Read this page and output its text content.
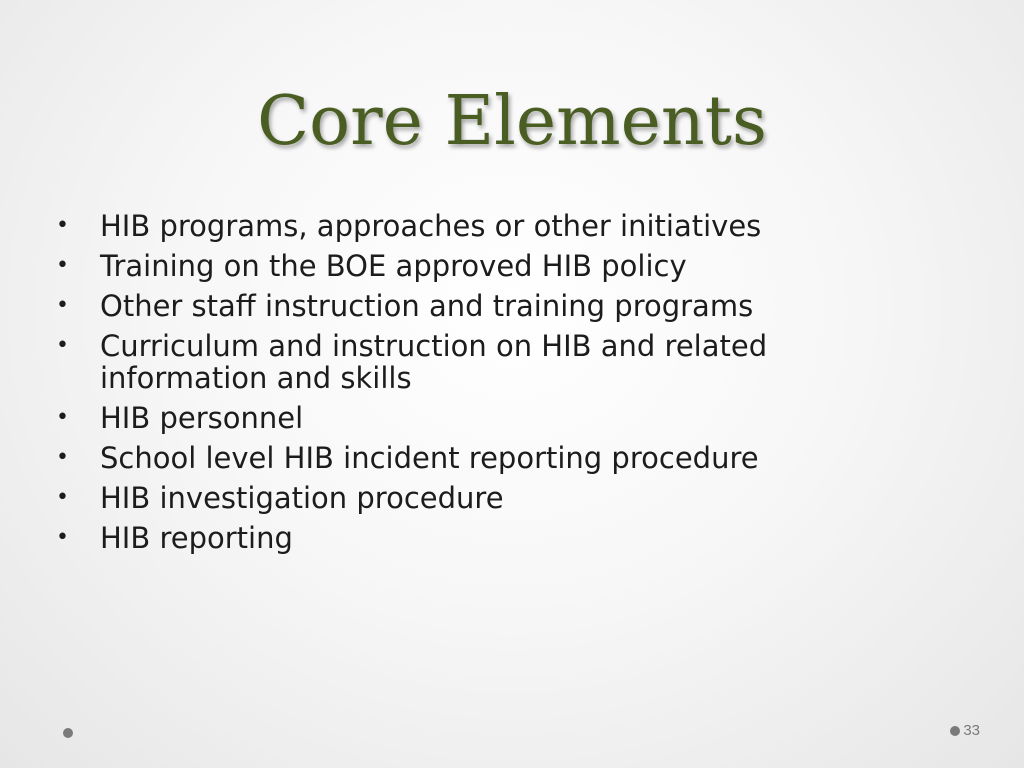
Core Elements
•	HIB programs, approaches or other initiatives
•	Training on the BOE approved HIB policy
•	Other staff instruction and training programs
•	Curriculum and instruction on HIB and related information and skills
•	HIB personnel
•	School level HIB incident reporting procedure
•	HIB investigation procedure
•	HIB reporting
33
